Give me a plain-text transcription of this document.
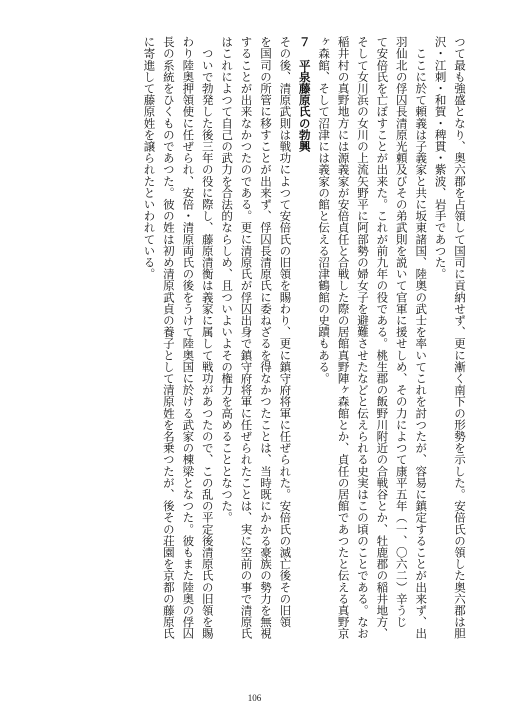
つて最も強盛となり、奥六郡を占領して国司に貢納せず、更に漸く南下の形勢を示した。安倍氏の領した奥六郡は胆
沢・江刺・和賀・稗貫・紫波、岩手であつた。
　ここに於て頼義は子義家と共に坂東諸国、陸奥の武士を率いてこれを討つたが、容易に鎮定することが出来ず、出
羽仙北の俘囚長清原光頼及びその弟武則を説いて官軍に援せしめ、その力によつて康平五年（一、〇六二）辛うじ
て安倍氏を亡ぼすことが出来た。これが前九年の役である。桃生郡の飯野川附近の合戦谷とか、牡鹿郡の稲井地方、
そして女川浜の女川の上流矢野平に阿部勢の婦女子を避難させたなどと伝えられる史実はこの頃のことである。なお
稲井村の真野地方には源義家が安倍貞任と合戦した際の居館真野陣ヶ森館とか、貞任の居館であつたと伝える真野京
ヶ森館、そして沼津には義家の館と伝える沼津鶴館の史蹟もある。
７　平泉藤原氏の勃興
その後、清原武則は戦功によつて安倍氏の旧領を賜わり、更に鎮守府将軍に任ぜられた。安倍氏の滅亡後その旧領
を国司の所管に移すことが出来ず、俘囚長清原氏に委ねざるを得なかつたことは、当時既にかかる豪族の勢力を無視
することが出来なかつたのである。更に清原氏が俘囚出身で鎮守府将軍に任ぜられたことは、実に空前の事で清原氏
はこれによつて自己の武力を合法的ならしめ、且ついよいよその権力を高めることとなつた。
　ついで勃発した後三年の役に際し、藤原清衡は義家に属して戦功があつたので、この乱の平定後清原氏の旧領を賜
わり陸奥押領使に任ぜられ、安倍・清原両氏の後をうけて陸奥国に於ける武家の棟梁となつた。彼もまた陸奥の俘囚
長の系統をひくものであつた。彼の姓は初め清原武貞の養子として清原姓を名乗つたが、後その荘園を京都の藤原氏
に寄進して藤原姓を譲られたといわれている。
106
